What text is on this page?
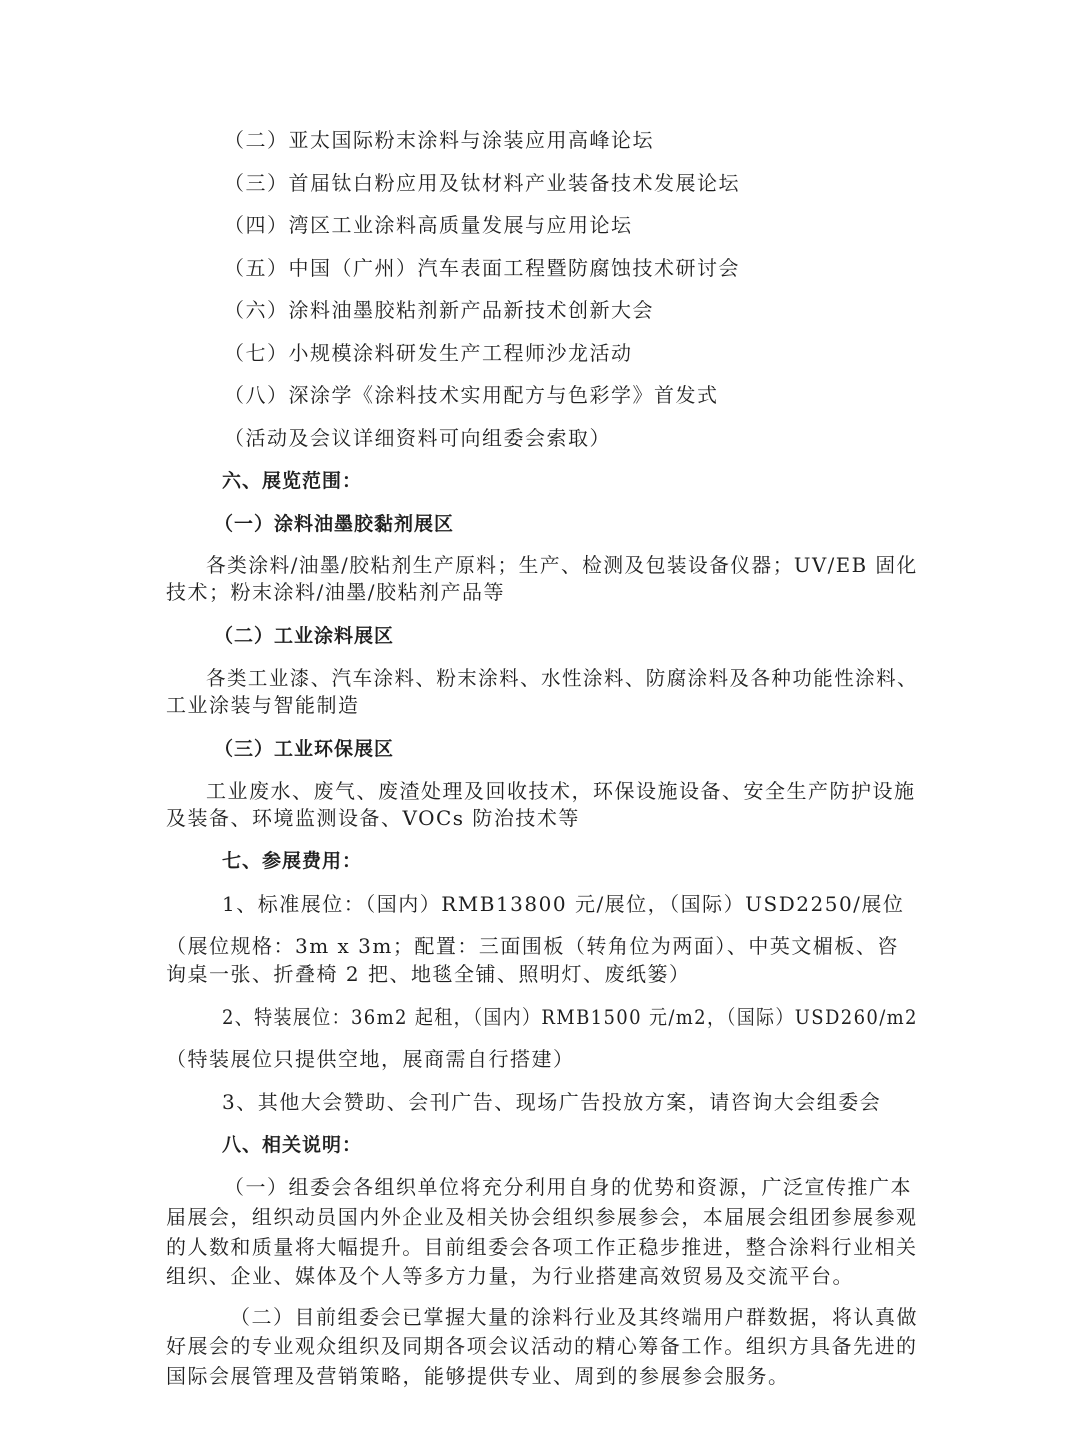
（二）亚太国际粉末涂料与涂装应用高峰论坛
（三）首届钛白粉应用及钛材料产业装备技术发展论坛
（四）湾区工业涂料高质量发展与应用论坛
（五）中国（广州）汽车表面工程暨防腐蚀技术研讨会
（六）涂料油墨胶粘剂新产品新技术创新大会
（七）小规模涂料研发生产工程师沙龙活动
（八）深涂学《涂料技术实用配方与色彩学》首发式
（活动及会议详细资料可向组委会索取）
六、展览范围：
（一）涂料油墨胶黏剂展区
各类涂料/油墨/胶粘剂生产原料；生产、检测及包装设备仪器；UV/EB 固化
技术；粉末涂料/油墨/胶粘剂产品等
（二）工业涂料展区
各类工业漆、汽车涂料、粉末涂料、水性涂料、防腐涂料及各种功能性涂料、
工业涂装与智能制造
（三）工业环保展区
工业废水、废气、废渣处理及回收技术，环保设施设备、安全生产防护设施
及装备、环境监测设备、VOCs 防治技术等
七、参展费用：
1、标准展位：（国内）RMB13800 元/展位，（国际）USD2250/展位
（展位规格：3m x 3m；配置：三面围板（转角位为两面）、中英文楣板、咨
询桌一张、折叠椅 2 把、地毯全铺、照明灯、废纸篓）
2、特装展位：36m2 起租，（国内）RMB1500 元/m2，（国际）USD260/m2
（特装展位只提供空地，展商需自行搭建）
3、其他大会赞助、会刊广告、现场广告投放方案，请咨询大会组委会
八、相关说明：
（一）组委会各组织单位将充分利用自身的优势和资源，广泛宣传推广本
届展会，组织动员国内外企业及相关协会组织参展参会，本届展会组团参展参观
的人数和质量将大幅提升。目前组委会各项工作正稳步推进，整合涂料行业相关
组织、企业、媒体及个人等多方力量，为行业搭建高效贸易及交流平台。
（二）目前组委会已掌握大量的涂料行业及其终端用户群数据，将认真做
好展会的专业观众组织及同期各项会议活动的精心筹备工作。组织方具备先进的
国际会展管理及营销策略，能够提供专业、周到的参展参会服务。
